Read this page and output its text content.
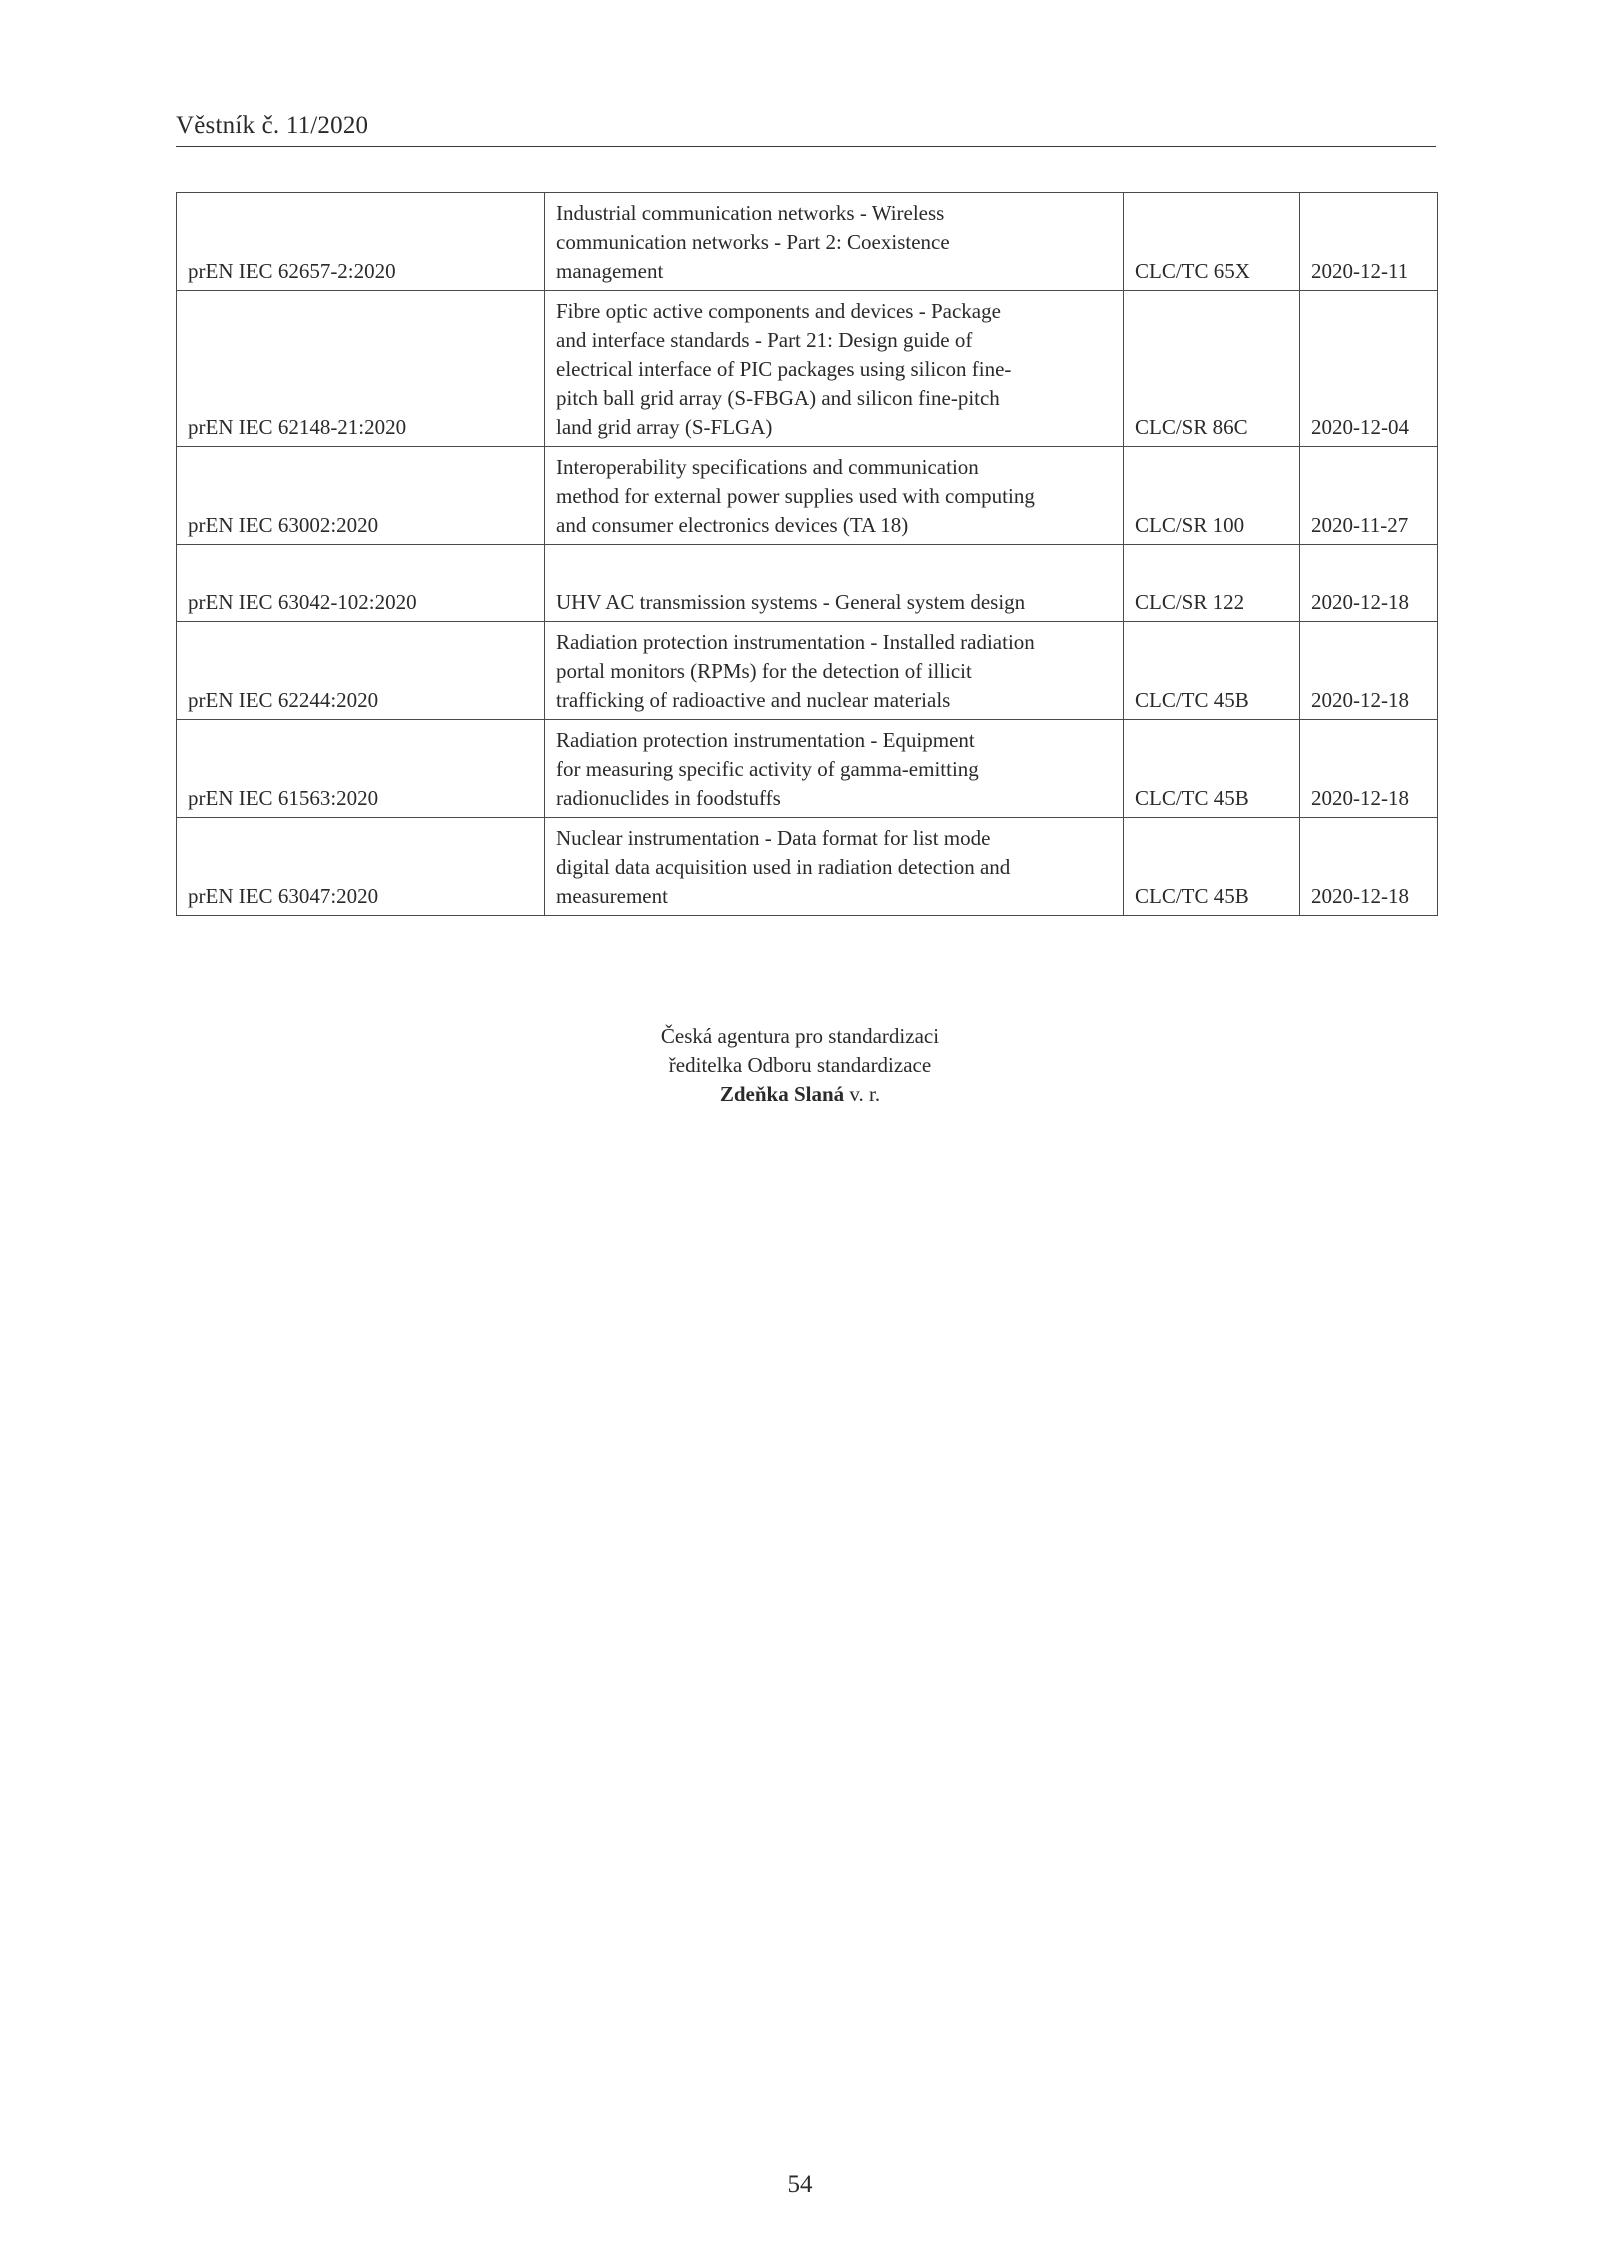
Věstník č. 11/2020
prEN IEC 62657-2:2020	Industrial communication networks - Wireless
communication networks - Part 2: Coexistence
management	CLC/TC 65X	2020-12-11
prEN IEC 62148-21:2020	Fibre optic active components and devices - Package
and interface standards - Part 21: Design guide of
electrical interface of PIC packages using silicon fine-
pitch ball grid array (S-FBGA) and silicon fine-pitch
land grid array (S-FLGA)	CLC/SR 86C	2020-12-04
prEN IEC 63002:2020	Interoperability specifications and communication
method for external power supplies used with computing
and consumer electronics devices (TA 18)	CLC/SR 100	2020-11-27
prEN IEC 63042-102:2020	UHV AC transmission systems - General system design	CLC/SR 122	2020-12-18
prEN IEC 62244:2020	Radiation protection instrumentation - Installed radiation
portal monitors (RPMs) for the detection of illicit
trafficking of radioactive and nuclear materials	CLC/TC 45B	2020-12-18
prEN IEC 61563:2020	Radiation protection instrumentation - Equipment
for measuring specific activity of gamma-emitting
radionuclides in foodstuffs	CLC/TC 45B	2020-12-18
prEN IEC 63047:2020	Nuclear instrumentation - Data format for list mode
digital data acquisition used in radiation detection and
measurement	CLC/TC 45B	2020-12-18
Česká agentura pro standardizaci
ředitelka Odboru standardizace
Zdeňka Slaná v. r.
54
